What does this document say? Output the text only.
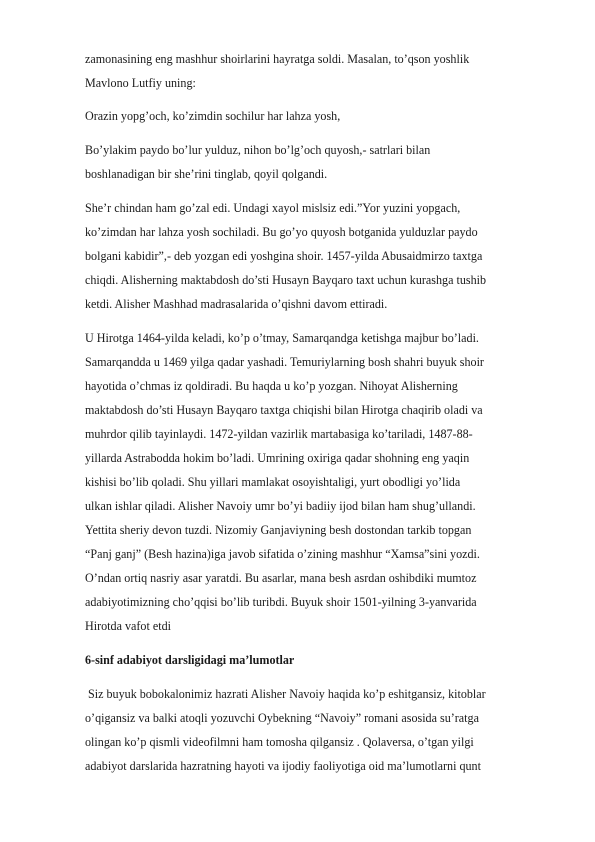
zamonasining eng mashhur shoirlarini hayratga soldi. Masalan, to’qson yoshlik
Mavlono Lutfiy uning:
Orazin yopg’och, ko’zimdin sochilur har lahza yosh,
Bo’ylakim paydo bo’lur yulduz, nihon bo’lg’och quyosh,- satrlari bilan
boshlanadigan bir she’rini tinglab, qoyil qolgandi.
She’r chindan ham go’zal edi. Undagi xayol mislsiz edi.”Yor yuzini yopgach,
ko’zimdan har lahza yosh sochiladi. Bu go’yo quyosh botganida yulduzlar paydo
bolgani kabidir”,- deb yozgan edi yoshgina shoir. 1457-yilda Abusaidmirzo taxtga
chiqdi. Alisherning maktabdosh do’sti Husayn Bayqaro taxt uchun kurashga tushib
ketdi. Alisher Mashhad madrasalarida o’qishni davom ettiradi.
U Hirotga 1464-yilda keladi, ko’p o’tmay, Samarqandga ketishga majbur bo’ladi.
Samarqandda u 1469 yilga qadar yashadi. Temuriylarning bosh shahri buyuk shoir
hayotida o’chmas iz qoldiradi. Bu haqda u ko’p yozgan. Nihoyat Alisherning
maktabdosh do’sti Husayn Bayqaro taxtga chiqishi bilan Hirotga chaqirib oladi va
muhrdor qilib tayinlaydi. 1472-yildan vazirlik martabasiga ko’tariladi, 1487-88-
yillarda Astrabodda hokim bo’ladi. Umrining oxiriga qadar shohning eng yaqin
kishisi bo’lib qoladi. Shu yillari mamlakat osoyishtaligi, yurt obodligi yo’lida
ulkan ishlar qiladi. Alisher Navoiy umr bo’yi badiiy ijod bilan ham shug’ullandi.
Yettita sheriy devon tuzdi. Nizomiy Ganjaviyning besh dostondan tarkib topgan
“Panj ganj” (Besh hazina)iga javob sifatida o’zining mashhur “Xamsa”sini yozdi.
O’ndan ortiq nasriy asar yaratdi. Bu asarlar, mana besh asrdan oshibdiki mumtoz
adabiyotimizning cho’qqisi bo’lib turibdi. Buyuk shoir 1501-yilning 3-yanvarida
Hirotda vafot etdi
6-sinf adabiyot darsligidagi ma’lumotlar
Siz buyuk bobokalonimiz hazrati Alisher Navoiy haqida ko’p eshitgansiz, kitoblar
o’qigansiz va balki atoqli yozuvchi Oybekning “Navoiy” romani asosida su’ratga
olingan ko’p qismli videofilmni ham tomosha qilgansiz . Qolaversa, o’tgan yilgi
adabiyot darslarida hazratning hayoti va ijodiy faoliyotiga oid ma’lumotlarni qunt
